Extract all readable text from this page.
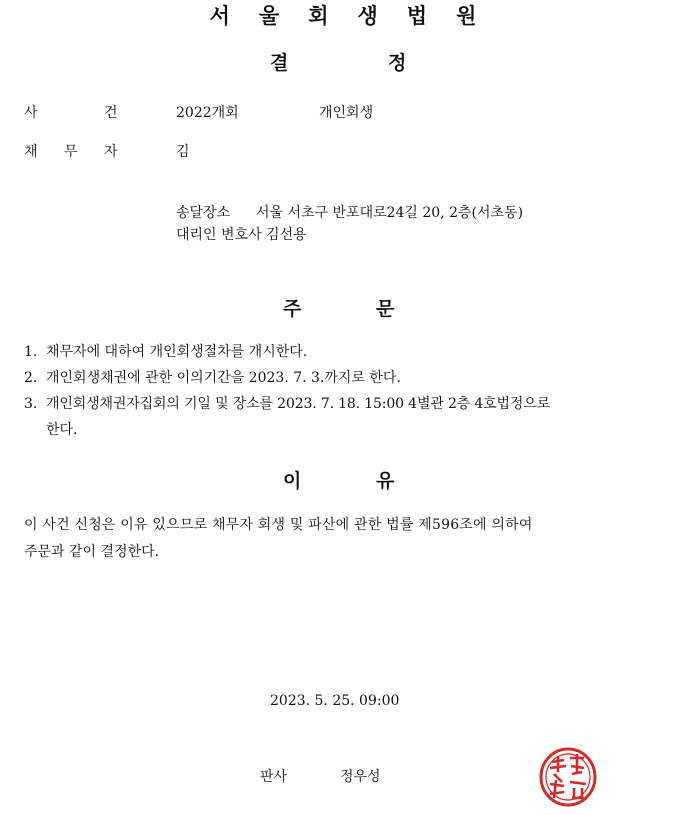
서 울 회 생 법 원
결	정
사	건	2022개회	개인회생
채 무 자	김
송달장소 서울 서초구 반포대로24길 20, 2층(서초동)
대리인 변호사 김선용
주	문
1. 채무자에 대하여 개인회생절차를 개시한다.
2. 개인회생채권에 관한 이의기간을 2023. 7. 3.까지로 한다.
3. 개인회생채권자집회의 기일 및 장소를 2023. 7. 18. 15:00 4별관 2층 4호법정으로
한다.
이	유
이 사건 신청은 이유 있으므로 채무자 회생 및 파산에 관한 법률 제596조에 의하여
주문과 같이 결정한다.
2023. 5. 25. 09:00
판사	정우성
